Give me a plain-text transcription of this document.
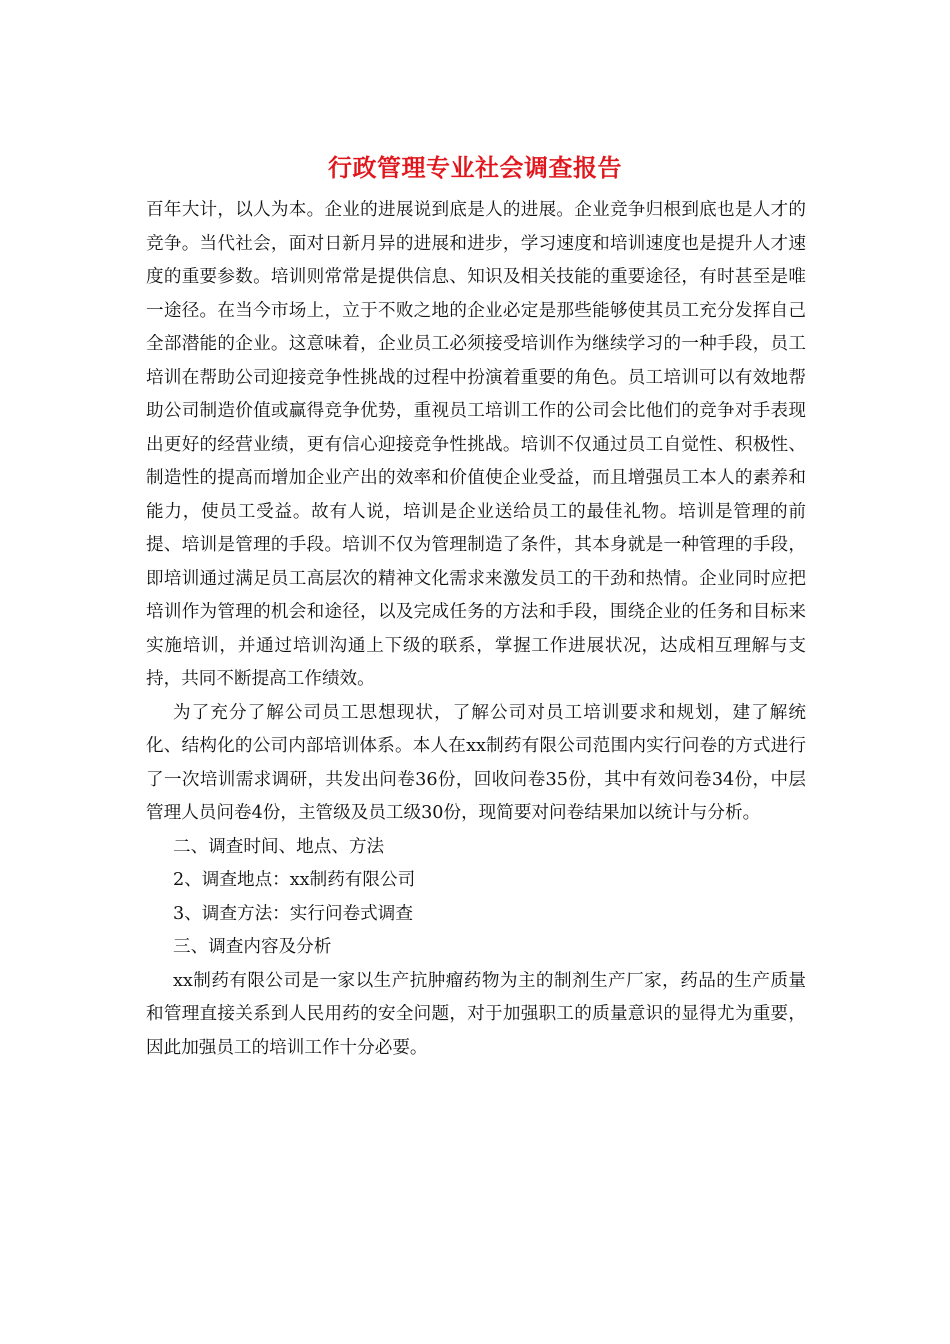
行政管理专业社会调查报告

百年大计，以人为本。企业的进展说到底是人的进展。企业竞争归根到底也是人才的竞争。当代社会，面对日新月异的进展和进步，学习速度和培训速度也是提升人才速度的重要参数。培训则常常是提供信息、知识及相关技能的重要途径，有时甚至是唯一途径。在当今市场上，立于不败之地的企业必定是那些能够使其员工充分发挥自己全部潜能的企业。这意味着，企业员工必须接受培训作为继续学习的一种手段，员工培训在帮助公司迎接竞争性挑战的过程中扮演着重要的角色。员工培训可以有效地帮助公司制造价值或赢得竞争优势，重视员工培训工作的公司会比他们的竞争对手表现出更好的经营业绩，更有信心迎接竞争性挑战。培训不仅通过员工自觉性、积极性、制造性的提高而增加企业产出的效率和价值使企业受益，而且增强员工本人的素养和能力，使员工受益。故有人说，培训是企业送给员工的最佳礼物。培训是管理的前提、培训是管理的手段。培训不仅为管理制造了条件，其本身就是一种管理的手段，即培训通过满足员工高层次的精神文化需求来激发员工的干劲和热情。企业同时应把培训作为管理的机会和途径，以及完成任务的方法和手段，围绕企业的任务和目标来实施培训，并通过培训沟通上下级的联系，掌握工作进展状况，达成相互理解与支持，共同不断提高工作绩效。

为了充分了解公司员工思想现状，了解公司对员工培训要求和规划，建了解统化、结构化的公司内部培训体系。本人在xx制药有限公司范围内实行问卷的方式进行了一次培训需求调研，共发出问卷36份，回收问卷35份，其中有效问卷34份，中层管理人员问卷4份，主管级及员工级30份，现简要对问卷结果加以统计与分析。

二、调查时间、地点、方法

2、调查地点：xx制药有限公司

3、调查方法：实行问卷式调查

三、调查内容及分析

xx制药有限公司是一家以生产抗肿瘤药物为主的制剂生产厂家，药品的生产质量和管理直接关系到人民用药的安全问题，对于加强职工的质量意识的显得尤为重要，因此加强员工的培训工作十分必要。
